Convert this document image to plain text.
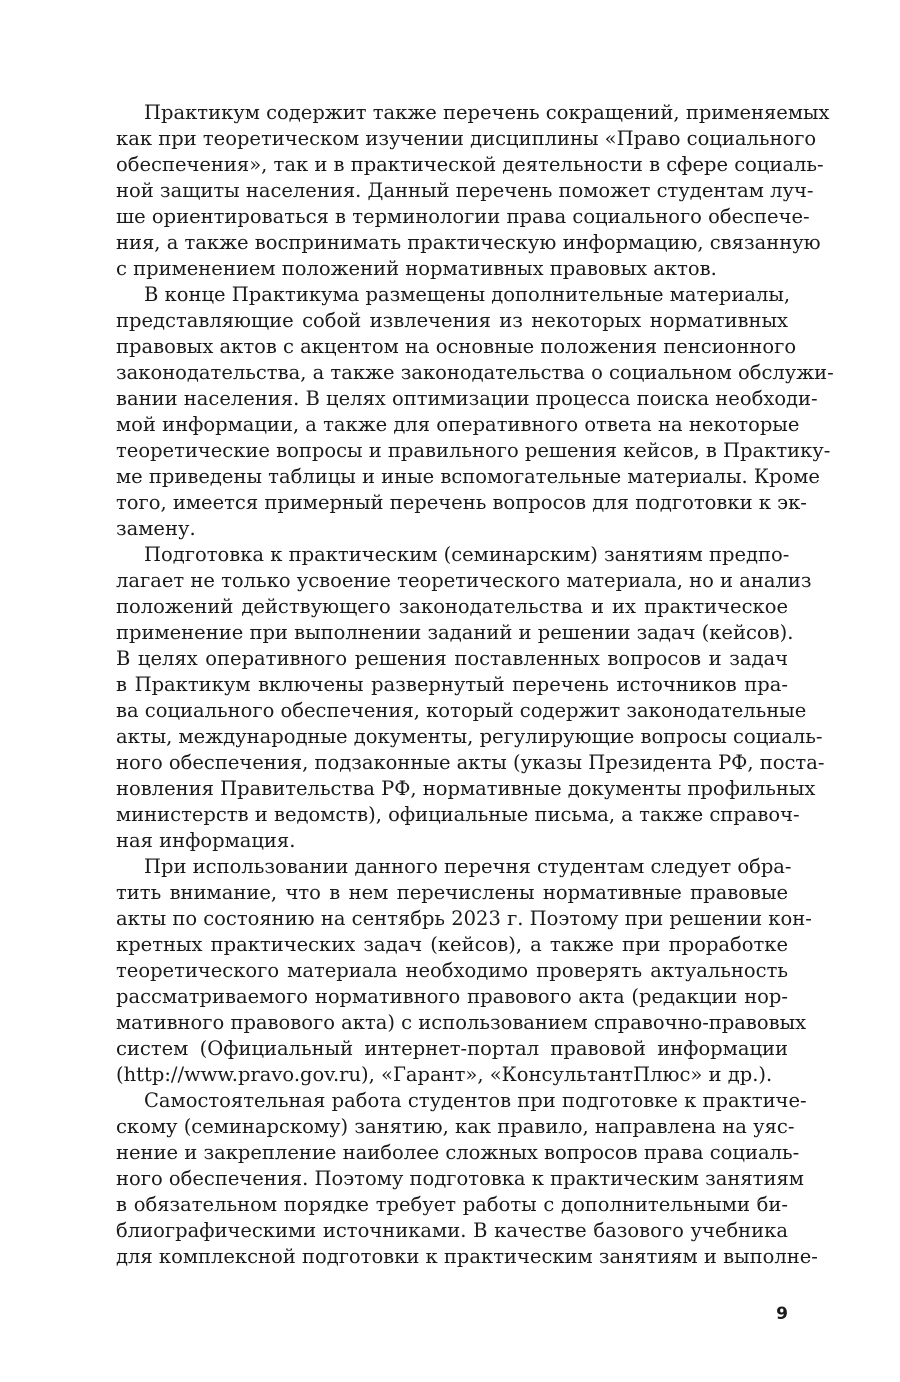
Практикум содержит также перечень сокращений, применяемых
как при теоретическом изучении дисциплины «Право социального
обеспечения», так и в практической деятельности в сфере социаль-
ной защиты населения. Данный перечень поможет студентам луч-
ше ориентироваться в терминологии права социального обеспече-
ния, а также воспринимать практическую информацию, связанную
с применением положений нормативных правовых актов.
В конце Практикума размещены дополнительные материалы,
представляющие собой извлечения из некоторых нормативных
правовых актов с акцентом на основные положения пенсионного
законодательства, а также законодательства о социальном обслужи-
вании населения. В целях оптимизации процесса поиска необходи-
мой информации, а также для оперативного ответа на некоторые
теоретические вопросы и правильного решения кейсов, в Практику-
ме приведены таблицы и иные вспомогательные материалы. Кроме
того, имеется примерный перечень вопросов для подготовки к эк-
замену.
Подготовка к практическим (семинарским) занятиям предпо-
лагает не только усвоение теоретического материала, но и анализ
положений действующего законодательства и их практическое
применение при выполнении заданий и решении задач (кейсов).
В целях оперативного решения поставленных вопросов и задач
в Практикум включены развернутый перечень источников пра-
ва социального обеспечения, который содержит законодательные
акты, международные документы, регулирующие вопросы социаль-
ного обеспечения, подзаконные акты (указы Президента РФ, поста-
новления Правительства РФ, нормативные документы профильных
министерств и ведомств), официальные письма, а также справоч-
ная информация.
При использовании данного перечня студентам следует обра-
тить внимание, что в нем перечислены нормативные правовые
акты по состоянию на сентябрь 2023 г. Поэтому при решении кон-
кретных практических задач (кейсов), а также при проработке
теоретического материала необходимо проверять актуальность
рассматриваемого нормативного правового акта (редакции нор-
мативного правового акта) с использованием справочно-правовых
систем (Официальный интернет-портал правовой информации
(http://www.pravo.gov.ru), «Гарант», «КонсультантПлюс» и др.).
Самостоятельная работа студентов при подготовке к практиче-
скому (семинарскому) занятию, как правило, направлена на уяс-
нение и закрепление наиболее сложных вопросов права социаль-
ного обеспечения. Поэтому подготовка к практическим занятиям
в обязательном порядке требует работы с дополнительными би-
блиографическими источниками. В качестве базового учебника
для комплексной подготовки к практическим занятиям и выполне-
9
